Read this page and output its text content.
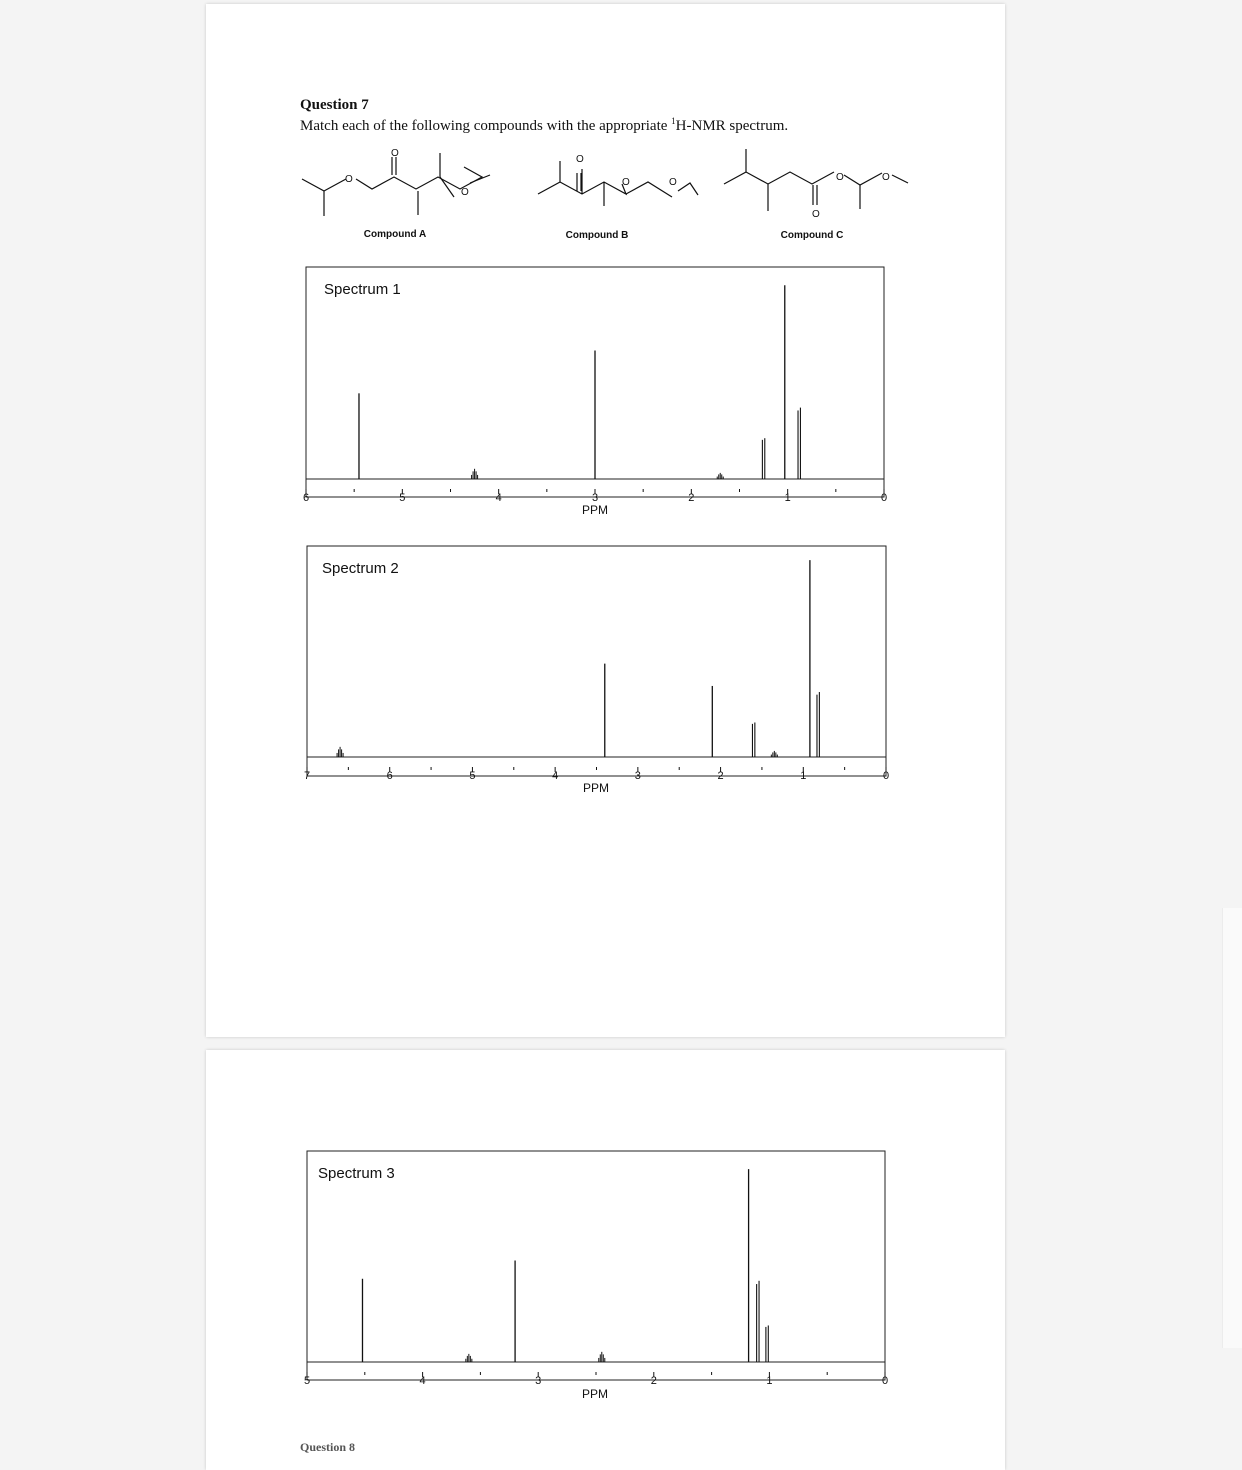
Question 7
Match each of the following compounds with the appropriate $^1$H-NMR spectrum.
O
O
O
O
O	O
O
O	O
Compound A	Compound B	Compound C
Spectrum 1
6	5	4	3	2	1	0
PPM
Spectrum 2
7	6	5	4	3	2	1	0
PPM
Spectrum 3
5	4	3	2	1	0
PPM
Question 8
